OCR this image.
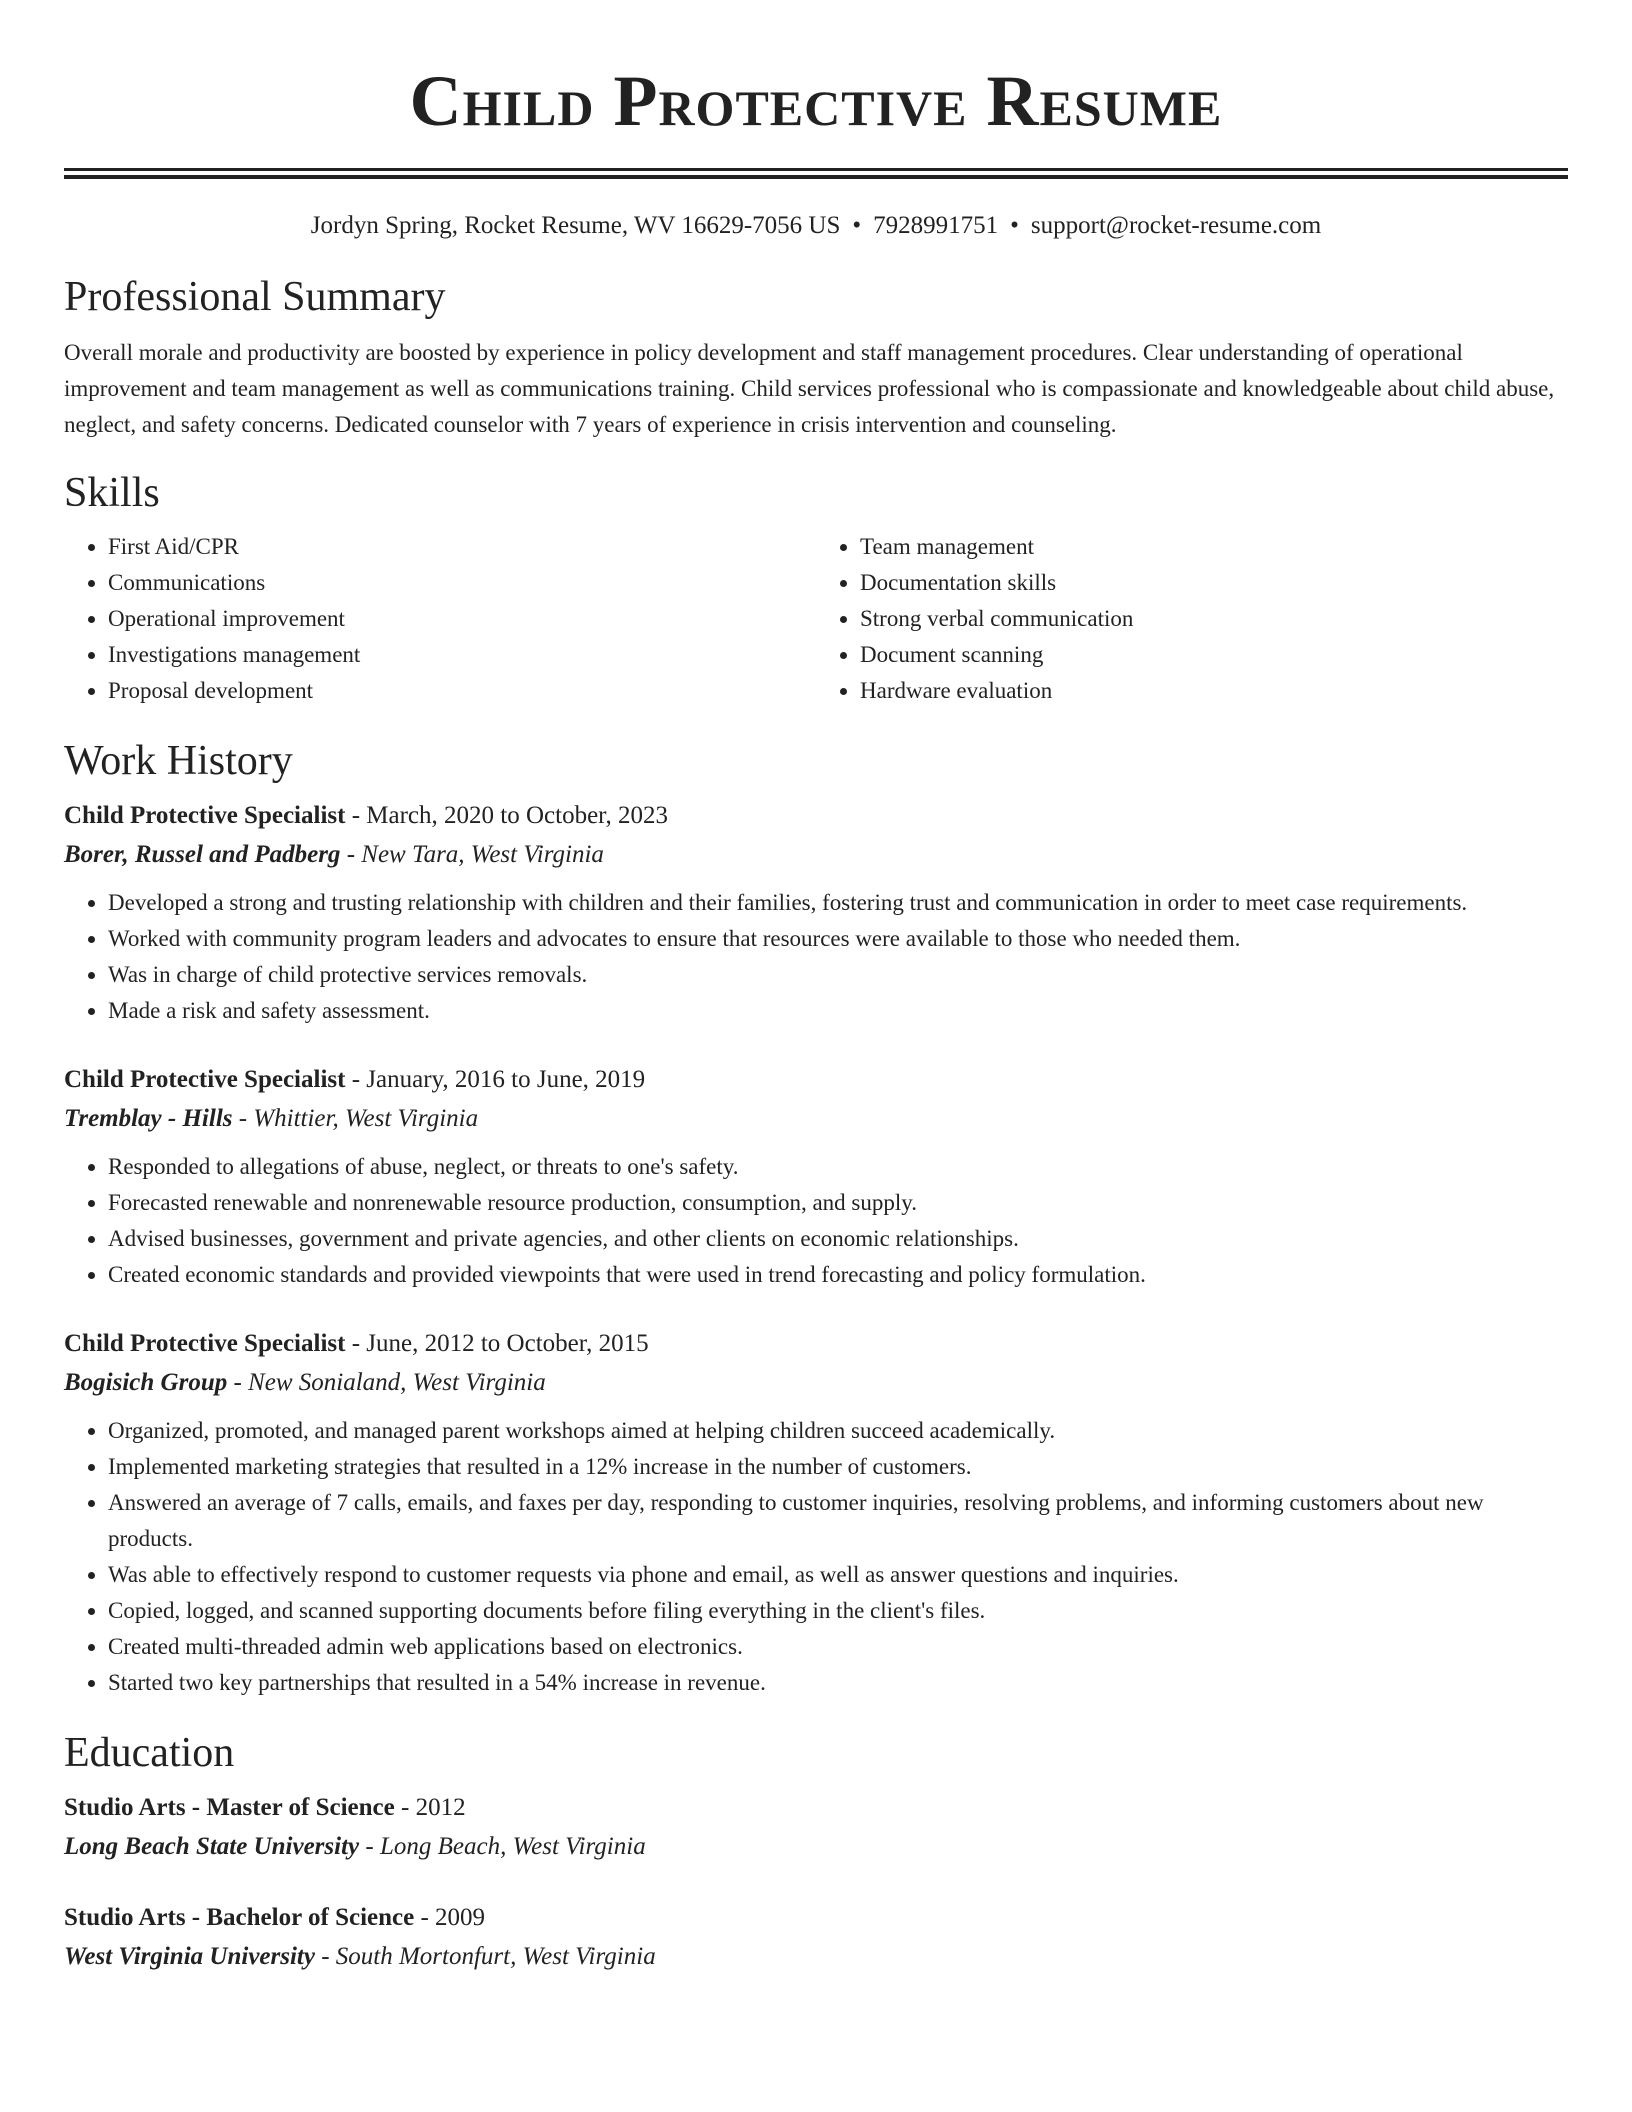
Child Protective Resume
Jordyn Spring, Rocket Resume, WV 16629-7056 US • 7928991751 • support@rocket-resume.com
Professional Summary

Overall morale and productivity are boosted by experience in policy development and staff management procedures. Clear understanding of operational improvement and team management as well as communications training. Child services professional who is compassionate and knowledgeable about child abuse, neglect, and safety concerns. Dedicated counselor with 7 years of experience in crisis intervention and counseling.

Skills
• First Aid/CPR
• Communications
• Operational improvement
• Investigations management
• Proposal development
• Team management
• Documentation skills
• Strong verbal communication
• Document scanning
• Hardware evaluation
Work History
Child Protective Specialist - March, 2020 to October, 2023
Borer, Russel and Padberg - New Tara, West Virginia
• Developed a strong and trusting relationship with children and their families, fostering trust and communication in order to meet case requirements.
• Worked with community program leaders and advocates to ensure that resources were available to those who needed them.
• Was in charge of child protective services removals.
• Made a risk and safety assessment.
Child Protective Specialist - January, 2016 to June, 2019
Tremblay - Hills - Whittier, West Virginia
• Responded to allegations of abuse, neglect, or threats to one's safety.
• Forecasted renewable and nonrenewable resource production, consumption, and supply.
• Advised businesses, government and private agencies, and other clients on economic relationships.
• Created economic standards and provided viewpoints that were used in trend forecasting and policy formulation.
Child Protective Specialist - June, 2012 to October, 2015
Bogisich Group - New Sonialand, West Virginia
• Organized, promoted, and managed parent workshops aimed at helping children succeed academically.
• Implemented marketing strategies that resulted in a 12% increase in the number of customers.
• Answered an average of 7 calls, emails, and faxes per day, responding to customer inquiries, resolving problems, and informing customers about new products.
• Was able to effectively respond to customer requests via phone and email, as well as answer questions and inquiries.
• Copied, logged, and scanned supporting documents before filing everything in the client's files.
• Created multi-threaded admin web applications based on electronics.
• Started two key partnerships that resulted in a 54% increase in revenue.
Education
Studio Arts - Master of Science - 2012
Long Beach State University - Long Beach, West Virginia
Studio Arts - Bachelor of Science - 2009
West Virginia University - South Mortonfurt, West Virginia
